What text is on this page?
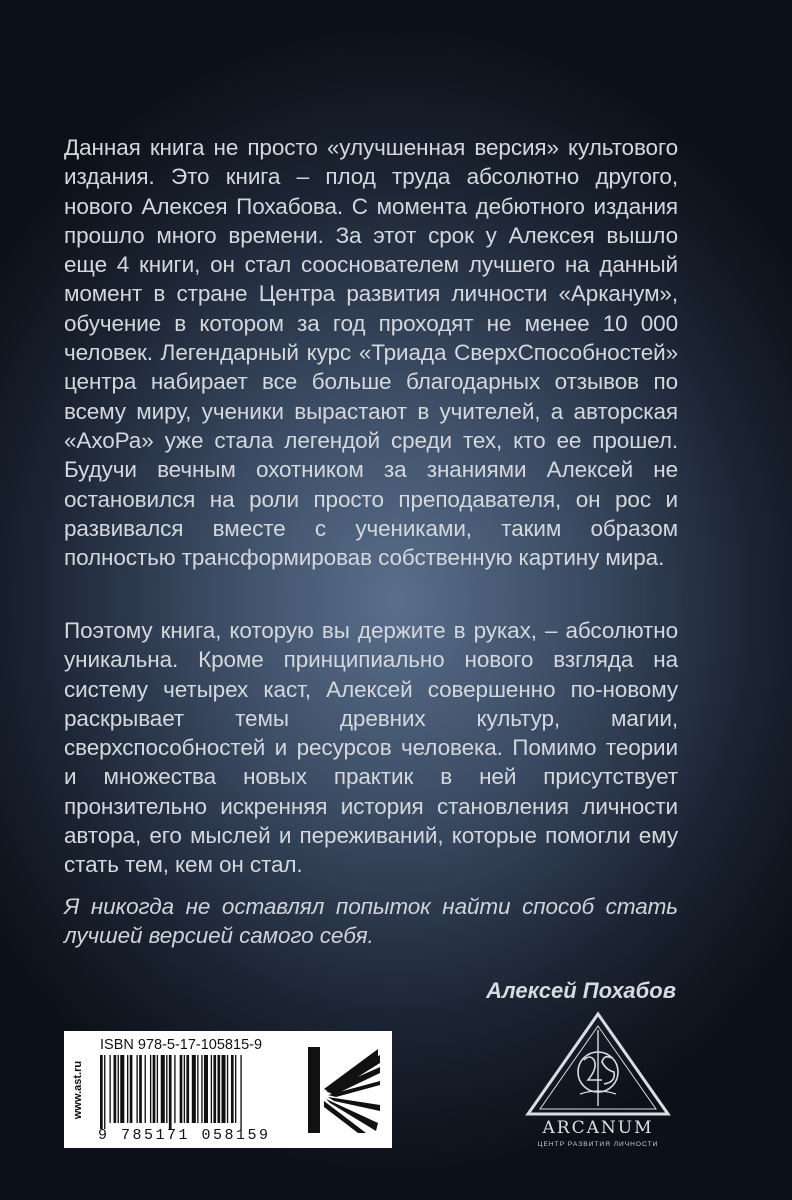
Данная книга не просто «улучшенная версия» культового издания. Это книга – плод труда абсолютно другого, нового Алексея Похабова. С момента дебютного издания прошло много времени. За этот срок у Алексея вышло еще 4 книги, он стал сооснователем лучшего на данный момент в стране Центра развития личности «Арканум», обучение в котором за год проходят не менее 10 000 человек. Легендарный курс «Триада СверхСпособностей» центра набирает все больше благодарных отзывов по всему миру, ученики вырастают в учителей, а авторская «АхоРа» уже стала легендой среди тех, кто ее прошел. Будучи вечным охотником за знаниями Алексей не остановился на роли просто преподавателя, он рос и развивался вместе с учениками, таким образом полностью трансформировав собственную картину мира.
Поэтому книга, которую вы держите в руках, – абсолютно уникальна. Кроме принципиально нового взгляда на систему четырех каст, Алексей совершенно по-новому раскрывает темы древних культур, магии, сверхспособностей и ресурсов человека. Помимо теории и множества новых практик в ней присутствует пронзительно искренняя история становления личности автора, его мыслей и переживаний, которые помогли ему стать тем, кем он стал.
Я никогда не оставлял попыток найти способ стать лучшей версией самого себя.
Алексей Похабов
www.ast.ru
ISBN 978-5-17-105815-9
9 785171 058159	ARCANUM
ЦЕНТР РАЗВИТИЯ ЛИЧНОСТИ
